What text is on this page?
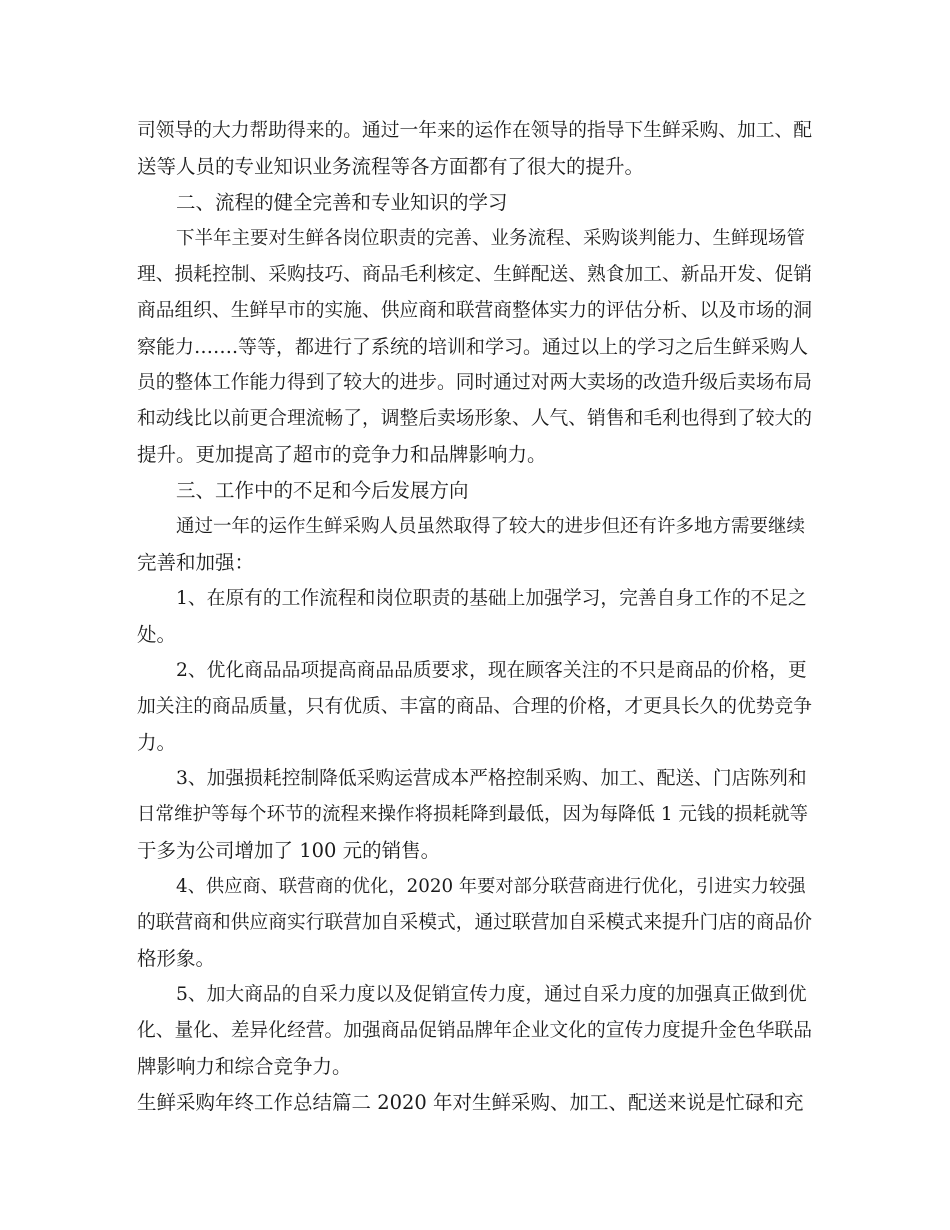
司领导的大力帮助得来的。通过一年来的运作在领导的指导下生鲜采购、加工、配
送等人员的专业知识业务流程等各方面都有了很大的提升。
二、流程的健全完善和专业知识的学习
下半年主要对生鲜各岗位职责的完善、业务流程、采购谈判能力、生鲜现场管
理、损耗控制、采购技巧、商品毛利核定、生鲜配送、熟食加工、新品开发、促销
商品组织、生鲜早市的实施、供应商和联营商整体实力的评估分析、以及市场的洞
察能力…….等等，都进行了系统的培训和学习。通过以上的学习之后生鲜采购人
员的整体工作能力得到了较大的进步。同时通过对两大卖场的改造升级后卖场布局
和动线比以前更合理流畅了，调整后卖场形象、人气、销售和毛利也得到了较大的
提升。更加提高了超市的竞争力和品牌影响力。
三、工作中的不足和今后发展方向
通过一年的运作生鲜采购人员虽然取得了较大的进步但还有许多地方需要继续
完善和加强：
1、在原有的工作流程和岗位职责的基础上加强学习，完善自身工作的不足之
处。
2、优化商品品项提高商品品质要求，现在顾客关注的不只是商品的价格，更
加关注的商品质量，只有优质、丰富的商品、合理的价格，才更具长久的优势竞争
力。
3、加强损耗控制降低采购运营成本严格控制采购、加工、配送、门店陈列和
日常维护等每个环节的流程来操作将损耗降到最低，因为每降低 1 元钱的损耗就等
于多为公司增加了 100 元的销售。
4、供应商、联营商的优化，2020 年要对部分联营商进行优化，引进实力较强
的联营商和供应商实行联营加自采模式，通过联营加自采模式来提升门店的商品价
格形象。
5、加大商品的自采力度以及促销宣传力度，通过自采力度的加强真正做到优
化、量化、差异化经营。加强商品促销品牌年企业文化的宣传力度提升金色华联品
牌影响力和综合竞争力。
生鲜采购年终工作总结篇二 2020 年对生鲜采购、加工、配送来说是忙碌和充
